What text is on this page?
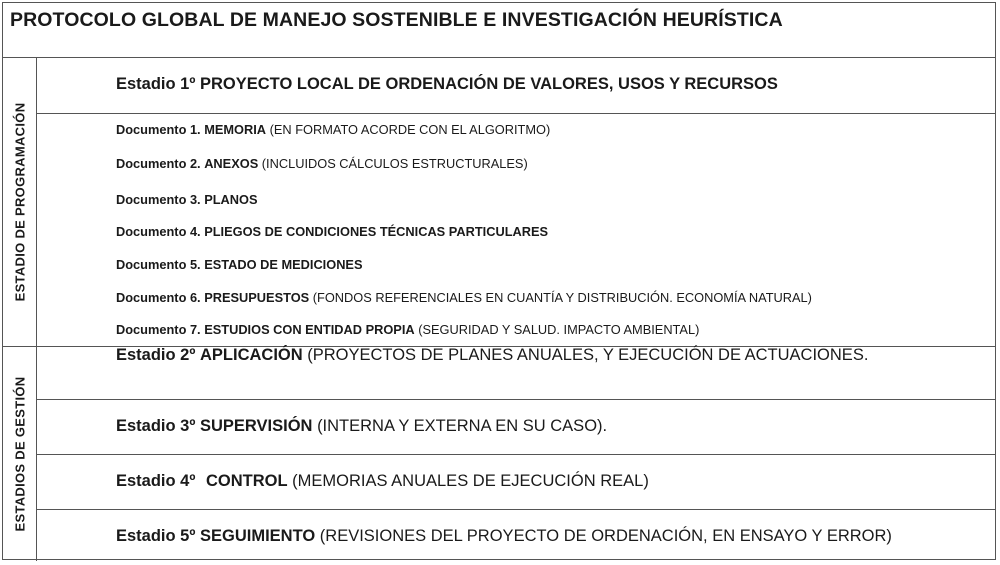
PROTOCOLO GLOBAL DE MANEJO SOSTENIBLE E INVESTIGACIÓN HEURÍSTICA
ESTADIO DE PROGRAMACIÓN
ESTADIOS DE GESTIÓN
Estadio 1º PROYECTO LOCAL DE ORDENACIÓN DE VALORES, USOS Y RECURSOS
Documento 1. MEMORIA (EN FORMATO ACORDE CON EL ALGORITMO)
Documento 2. ANEXOS (INCLUIDOS CÁLCULOS ESTRUCTURALES)
Documento 3. PLANOS
Documento 4. PLIEGOS DE CONDICIONES TÉCNICAS PARTICULARES
Documento 5. ESTADO DE MEDICIONES
Documento 6. PRESUPUESTOS (FONDOS REFERENCIALES EN CUANTÍA Y DISTRIBUCIÓN. ECONOMÍA NATURAL)
Documento 7. ESTUDIOS CON ENTIDAD PROPIA (SEGURIDAD Y SALUD. IMPACTO AMBIENTAL)
Estadio 2º APLICACIÓN (PROYECTOS DE PLANES ANUALES, Y EJECUCIÓN DE ACTUACIONES.
Estadio 3º SUPERVISIÓN (INTERNA Y EXTERNA EN SU CASO).
Estadio 4º CONTROL (MEMORIAS ANUALES DE EJECUCIÓN REAL)
Estadio 5º SEGUIMIENTO (REVISIONES DEL PROYECTO DE ORDENACIÓN, EN ENSAYO Y ERROR)
